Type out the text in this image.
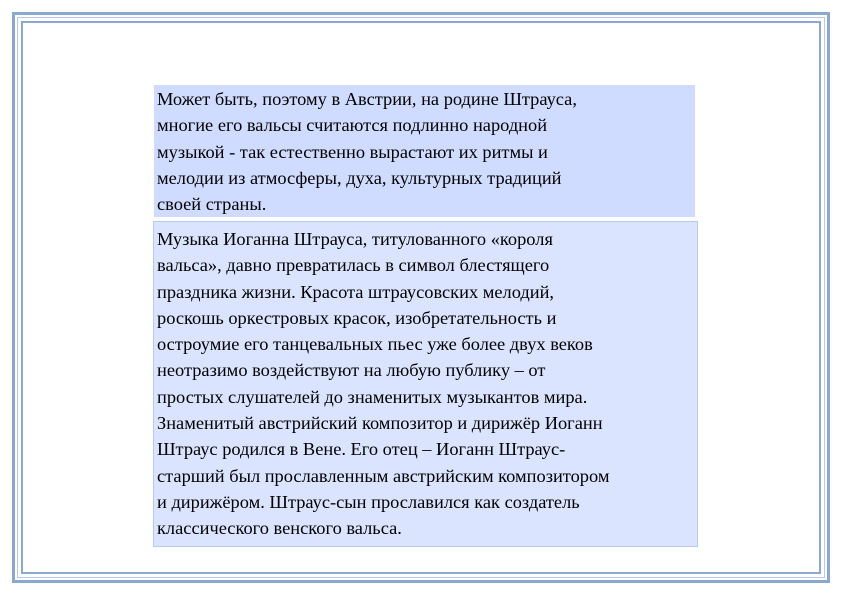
Может быть, поэтому в Австрии, на родине Штрауса,
многие его вальсы считаются подлинно народной
музыкой - так естественно вырастают их ритмы и
мелодии из атмосферы, духа, культурных традиций
своей страны.
Музыка Иоганна Штрауса, титулованного «короля
вальса», давно превратилась в символ блестящего
праздника жизни. Красота штраусовских мелодий,
роскошь оркестровых красок, изобретательность и
остроумие его танцевальных пьес уже более двух веков
неотразимо воздействуют на любую публику – от
простых слушателей до знаменитых музыкантов мира.
Знаменитый австрийский композитор и дирижёр Иоганн
Штраус родился в Вене. Его отец – Иоганн Штраус-
старший был прославленным австрийским композитором
и дирижёром. Штраус-сын прославился как создатель
классического венского вальса.
